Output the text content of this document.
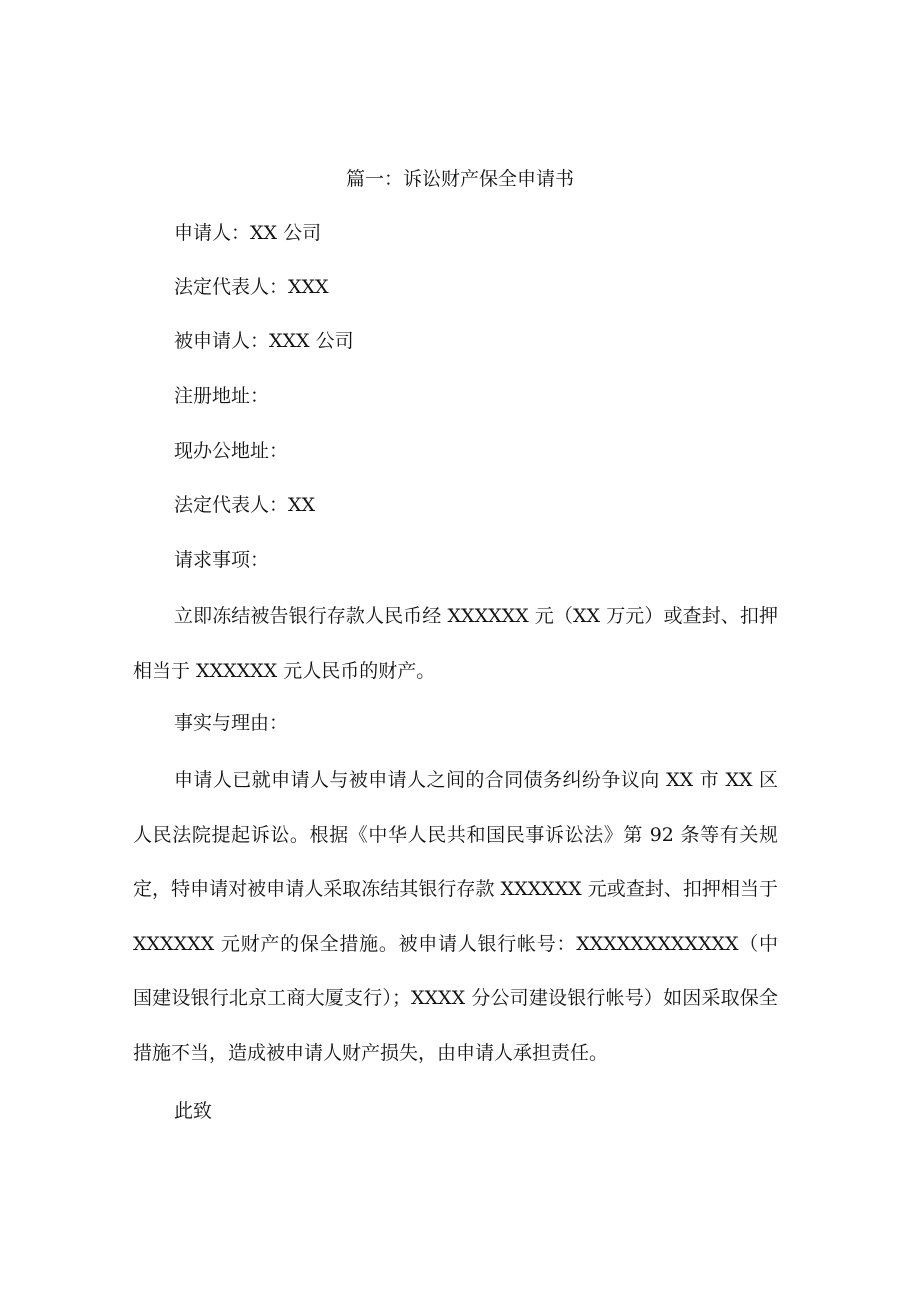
篇一：诉讼财产保全申请书

申请人：XX 公司

法定代表人：XXX

被申请人：XXX 公司

注册地址：

现办公地址：

法定代表人：XX

请求事项：

立即冻结被告银行存款人民币经 XXXXXX 元（XX 万元）或查封、扣押相当于 XXXXXX 元人民币的财产。

事实与理由：

申请人已就申请人与被申请人之间的合同债务纠纷争议向 XX 市 XX 区人民法院提起诉讼。根据《中华人民共和国民事诉讼法》第 92 条等有关规定，特申请对被申请人采取冻结其银行存款 XXXXXX 元或查封、扣押相当于 XXXXXX 元财产的保全措施。被申请人银行帐号：XXXXXXXXXXXX（中国建设银行北京工商大厦支行）；XXXX 分公司建设银行帐号）如因采取保全措施不当，造成被申请人财产损失，由申请人承担责任。

此致
